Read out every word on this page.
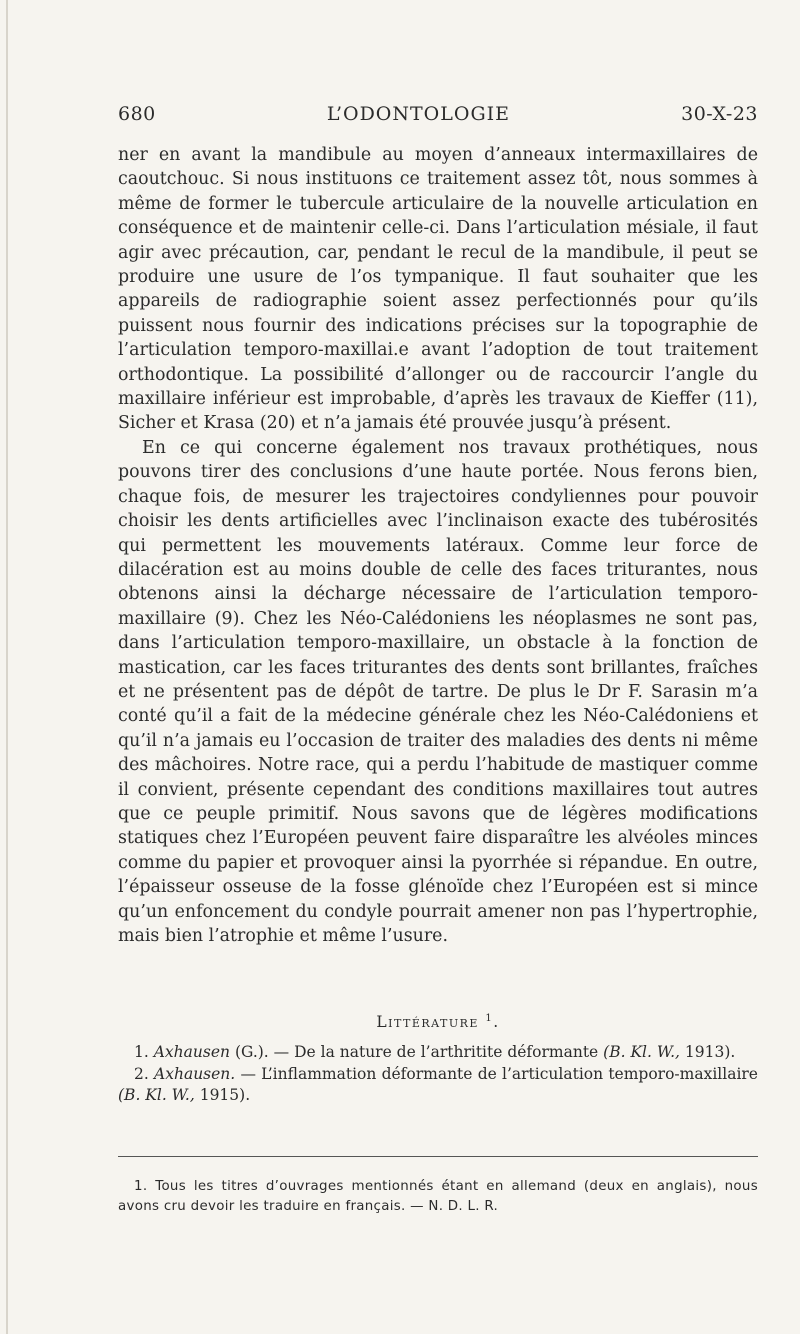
680	L’ODONTOLOGIE	30-X-23

ner en avant la mandibule au moyen d’anneaux intermaxillaires de caoutchouc. Si nous instituons ce traitement assez tôt, nous sommes à même de former le tubercule articulaire de la nouvelle articulation en conséquence et de maintenir celle-ci. Dans l’articulation mésiale, il faut agir avec précaution, car, pendant le recul de la mandibule, il peut se produire une usure de l’os tympanique. Il faut souhaiter que les appareils de radiographie soient assez perfectionnés pour qu’ils puissent nous fournir des indications précises sur la topographie de l’articulation temporo-maxillai.e avant l’adoption de tout traitement orthodontique. La possibilité d’allonger ou de raccourcir l’angle du maxillaire inférieur est improbable, d’après les travaux de Kieffer (11), Sicher et Krasa (20) et n’a jamais été prouvée jusqu’à présent.

En ce qui concerne également nos travaux prothétiques, nous pouvons tirer des conclusions d’une haute portée. Nous ferons bien, chaque fois, de mesurer les trajectoires condyliennes pour pouvoir choisir les dents artificielles avec l’inclinaison exacte des tubérosités qui permettent les mouvements latéraux. Comme leur force de dilacération est au moins double de celle des faces triturantes, nous obtenons ainsi la décharge nécessaire de l’articulation temporo-maxillaire (9). Chez les Néo-Calédoniens les néoplasmes ne sont pas, dans l’articulation temporo-maxillaire, un obstacle à la fonction de mastication, car les faces triturantes des dents sont brillantes, fraîches et ne présentent pas de dépôt de tartre. De plus le Dr F. Sarasin m’a conté qu’il a fait de la médecine générale chez les Néo-Calédoniens et qu’il n’a jamais eu l’occasion de traiter des maladies des dents ni même des mâchoires. Notre race, qui a perdu l’habitude de mastiquer comme il convient, présente cependant des conditions maxillaires tout autres que ce peuple primitif. Nous savons que de légères modifications statiques chez l’Européen peuvent faire disparaître les alvéoles minces comme du papier et provoquer ainsi la pyorrhée si répandue. En outre, l’épaisseur osseuse de la fosse glénoïde chez l’Européen est si mince qu’un enfoncement du condyle pourrait amener non pas l’hypertrophie, mais bien l’atrophie et même l’usure.

Littérature $^1$.

1. Axhausen (G.). — De la nature de l’arthritite déformante (B. Kl. W., 1913).

2. Axhausen. — L’inflammation déformante de l’articulation temporo-maxillaire (B. Kl. W., 1915).

1. Tous les titres d’ouvrages mentionnés étant en allemand (deux en anglais), nous avons cru devoir les traduire en français. — N. D. L. R.
